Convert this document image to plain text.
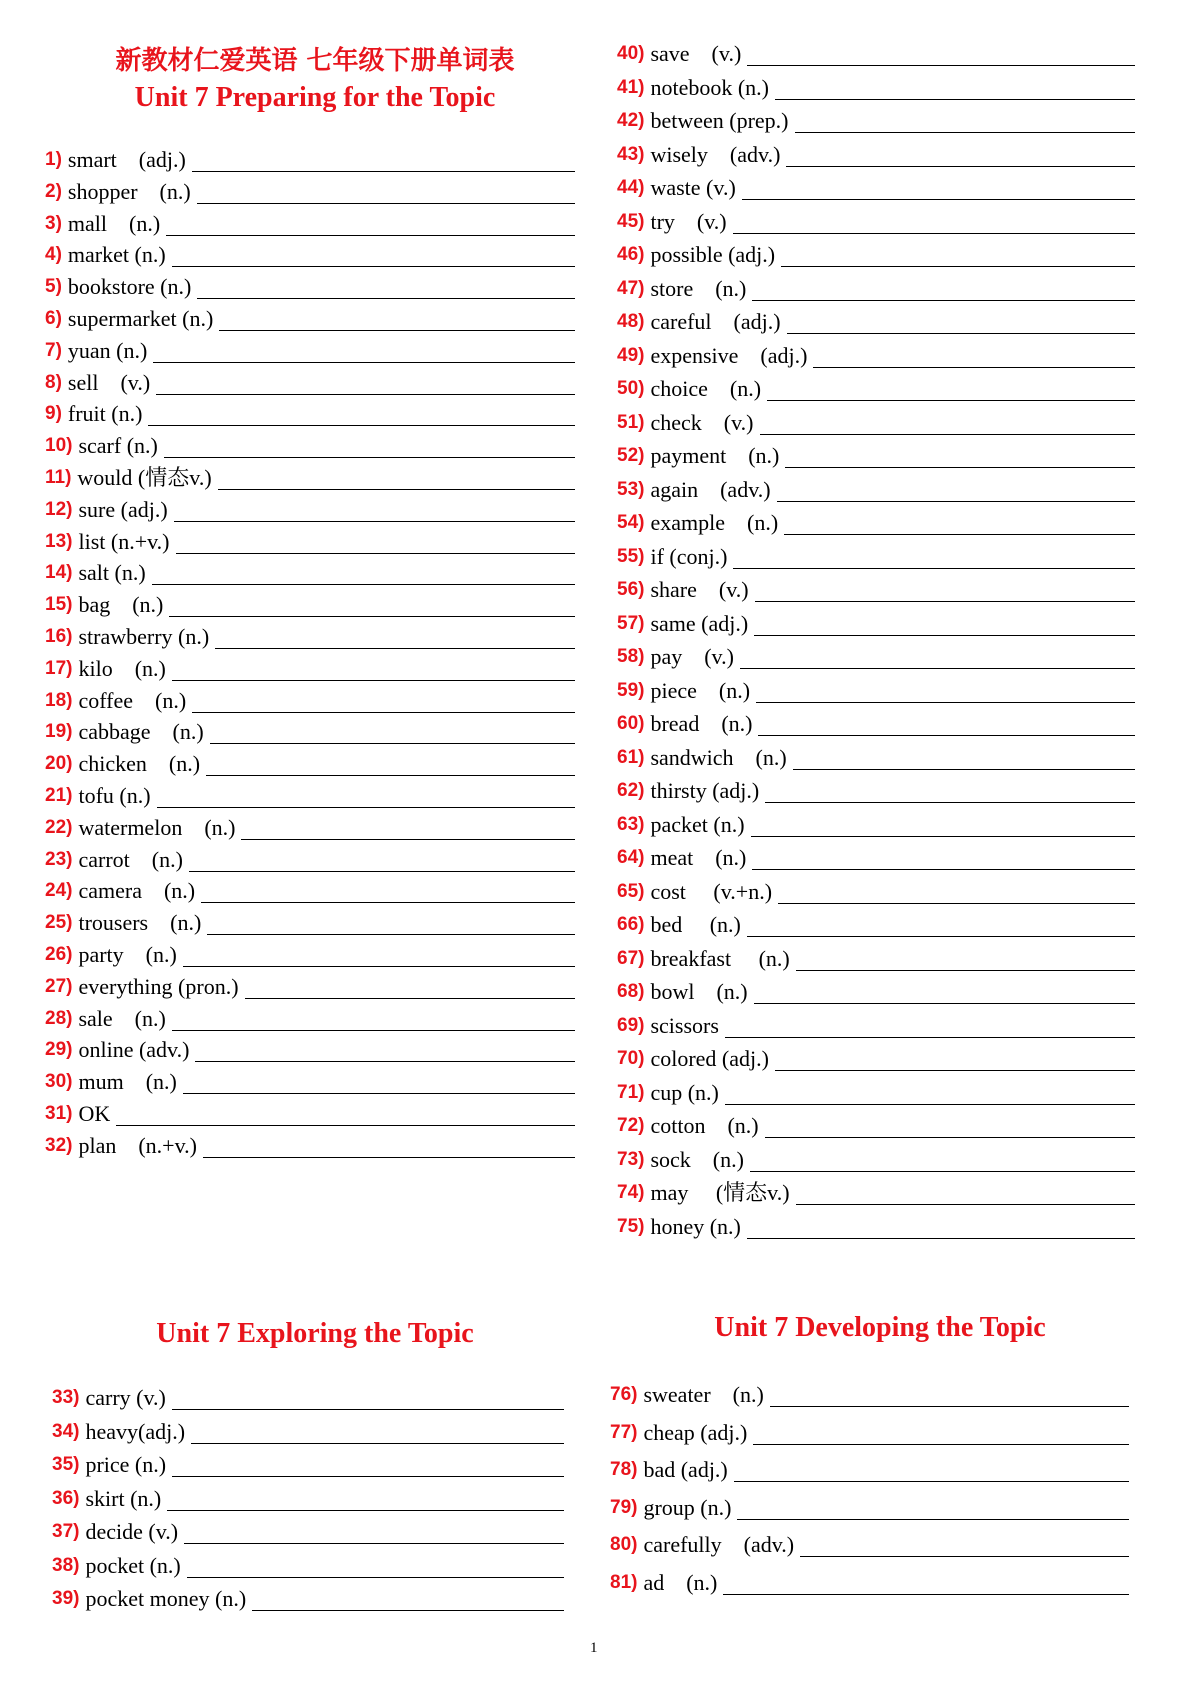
新教材仁爱英语 七年级下册单词表
Unit 7 Preparing for the Topic
Unit 7 Exploring the Topic	Unit 7 Developing the Topic
1) smart    (adj.)
2) shopper    (n.)
3) mall    (n.)
4) market (n.)
5) bookstore (n.)
6) supermarket (n.)
7) yuan (n.)
8) sell    (v.)
9) fruit (n.)
10) scarf (n.)
11) would (情态v.)
12) sure (adj.)
13) list (n.+v.)
14) salt (n.)
15) bag    (n.)
16) strawberry (n.)
17) kilo    (n.)
18) coffee    (n.)
19) cabbage    (n.)
20) chicken    (n.)
21) tofu (n.)
22) watermelon    (n.)
23) carrot    (n.)
24) camera    (n.)
25) trousers    (n.)
26) party    (n.)
27) everything (pron.)
28) sale    (n.)
29) online (adv.)
30) mum    (n.)
31) OK
32) plan    (n.+v.)
33) carry (v.)
34) heavy(adj.)
35) price (n.)
36) skirt (n.)
37) decide (v.)
38) pocket (n.)
39) pocket money (n.)
40) save    (v.)
41) notebook (n.)
42) between (prep.)
43) wisely    (adv.)
44) waste (v.)
45) try    (v.)
46) possible (adj.)
47) store    (n.)
48) careful    (adj.)
49) expensive    (adj.)
50) choice    (n.)
51) check    (v.)
52) payment    (n.)
53) again    (adv.)
54) example    (n.)
55) if (conj.)
56) share    (v.)
57) same (adj.)
58) pay    (v.)
59) piece    (n.)
60) bread    (n.)
61) sandwich    (n.)
62) thirsty (adj.)
63) packet (n.)
64) meat    (n.)
65) cost     (v.+n.)
66) bed     (n.)
67) breakfast     (n.)
68) bowl    (n.)
69) scissors
70) colored (adj.)
71) cup (n.)
72) cotton    (n.)
73) sock    (n.)
74) may     (情态v.)
75) honey (n.)
76) sweater    (n.)
77) cheap (adj.)
78) bad (adj.)
79) group (n.)
80) carefully    (adv.)
81) ad    (n.)
1
